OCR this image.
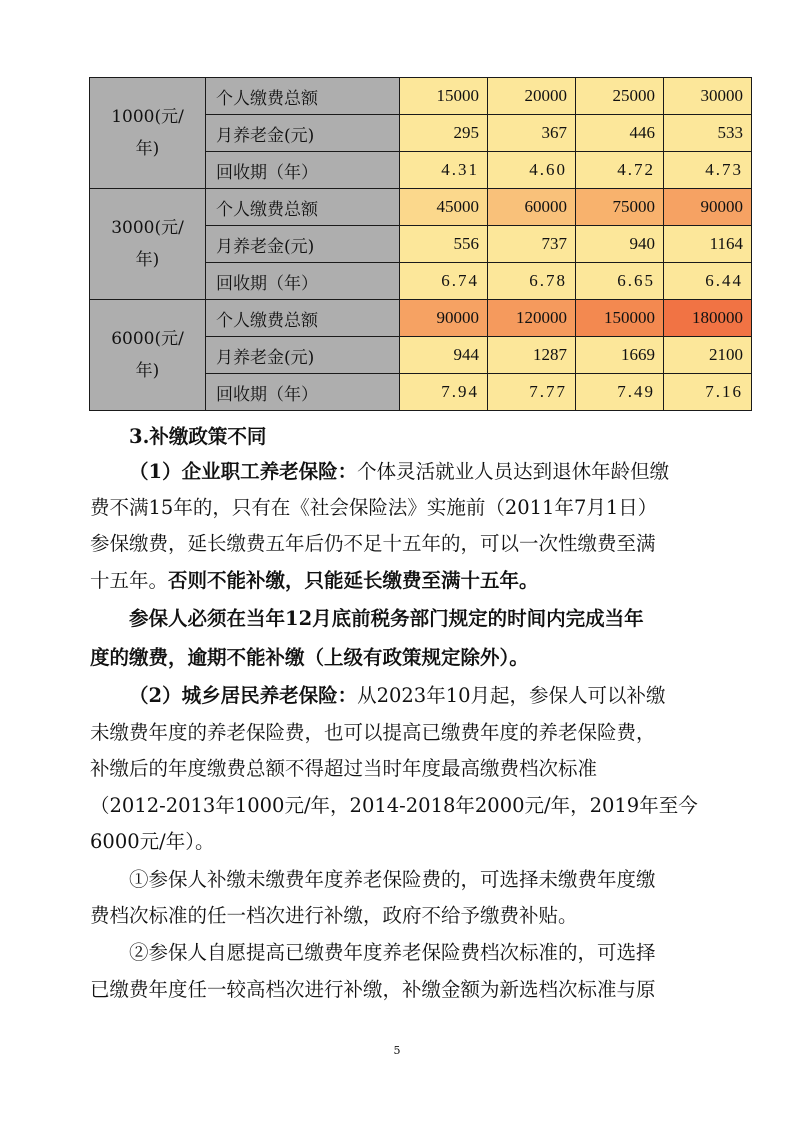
1000(元/
年)	个人缴费总额	15000	20000	25000	30000
	月养老金(元)	295	367	446	533
	回收期（年）	4.31	4.60	4.72	4.73

3000(元/
年)	个人缴费总额	45000	60000	75000	90000
	月养老金(元)	556	737	940	1164
	回收期（年）	6.74	6.78	6.65	6.44

6000(元/
年)	个人缴费总额	90000	120000	150000	180000
	月养老金(元)	944	1287	1669	2100
	回收期（年）	7.94	7.77	7.49	7.16

3.补缴政策不同

（1）企业职工养老保险：个体灵活就业人员达到退休年龄但缴

费不满15年的，只有在《社会保险法》实施前（2011年7月1日）

参保缴费，延长缴费五年后仍不足十五年的，可以一次性缴费至满

十五年。否则不能补缴，只能延长缴费至满十五年。

参保人必须在当年12月底前税务部门规定的时间内完成当年

度的缴费，逾期不能补缴（上级有政策规定除外）。

（2）城乡居民养老保险：从2023年10月起，参保人可以补缴

未缴费年度的养老保险费，也可以提高已缴费年度的养老保险费，

补缴后的年度缴费总额不得超过当时年度最高缴费档次标准

（2012-2013年1000元/年，2014-2018年2000元/年，2019年至今

6000元/年）。

①参保人补缴未缴费年度养老保险费的，可选择未缴费年度缴

费档次标准的任一档次进行补缴，政府不给予缴费补贴。

②参保人自愿提高已缴费年度养老保险费档次标准的，可选择

已缴费年度任一较高档次进行补缴，补缴金额为新选档次标准与原

5
